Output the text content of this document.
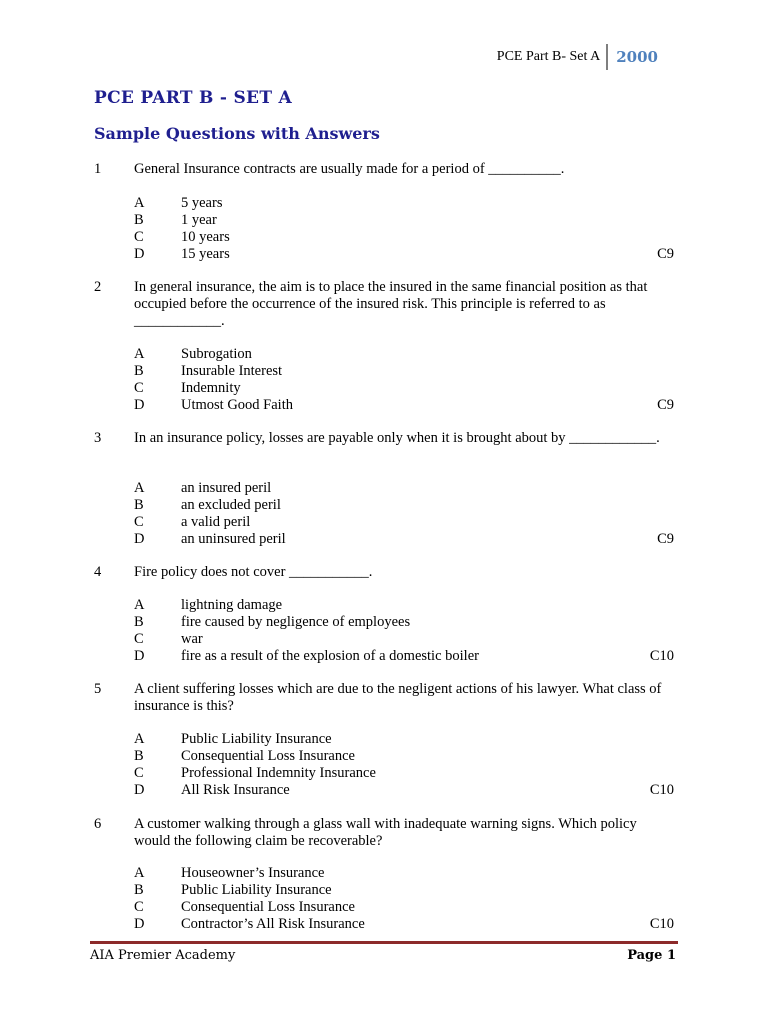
PCE Part B- Set A	2000
PCE PART B - SET A
Sample Questions with Answers
1 General Insurance contracts are usually made for a period of __________.
A	5 years
B	1 year
C	10 years
D	15 years	C9
2 In general insurance, the aim is to place the insured in the same financial position as that occupied before the occurrence of the insured risk. This principle is referred to as ____________.
A	Subrogation
B	Insurable Interest
C	Indemnity
D	Utmost Good Faith	C9
3 In an insurance policy, losses are payable only when it is brought about by ____________.
A	an insured peril
B	an excluded peril
C	a valid peril
D	an uninsured peril	C9
4 Fire policy does not cover ___________.
A	lightning damage
B	fire caused by negligence of employees
C	war
D	fire as a result of the explosion of a domestic boiler	C10
5 A client suffering losses which are due to the negligent actions of his lawyer. What class of insurance is this?
A	Public Liability Insurance
B	Consequential Loss Insurance
C	Professional Indemnity Insurance
D	All Risk Insurance	C10
6 A customer walking through a glass wall with inadequate warning signs. Which policy would the following claim be recoverable?
A	Houseowner’s Insurance
B	Public Liability Insurance
C	Consequential Loss Insurance
D	Contractor’s All Risk Insurance	C10
AIA Premier Academy	Page 1
